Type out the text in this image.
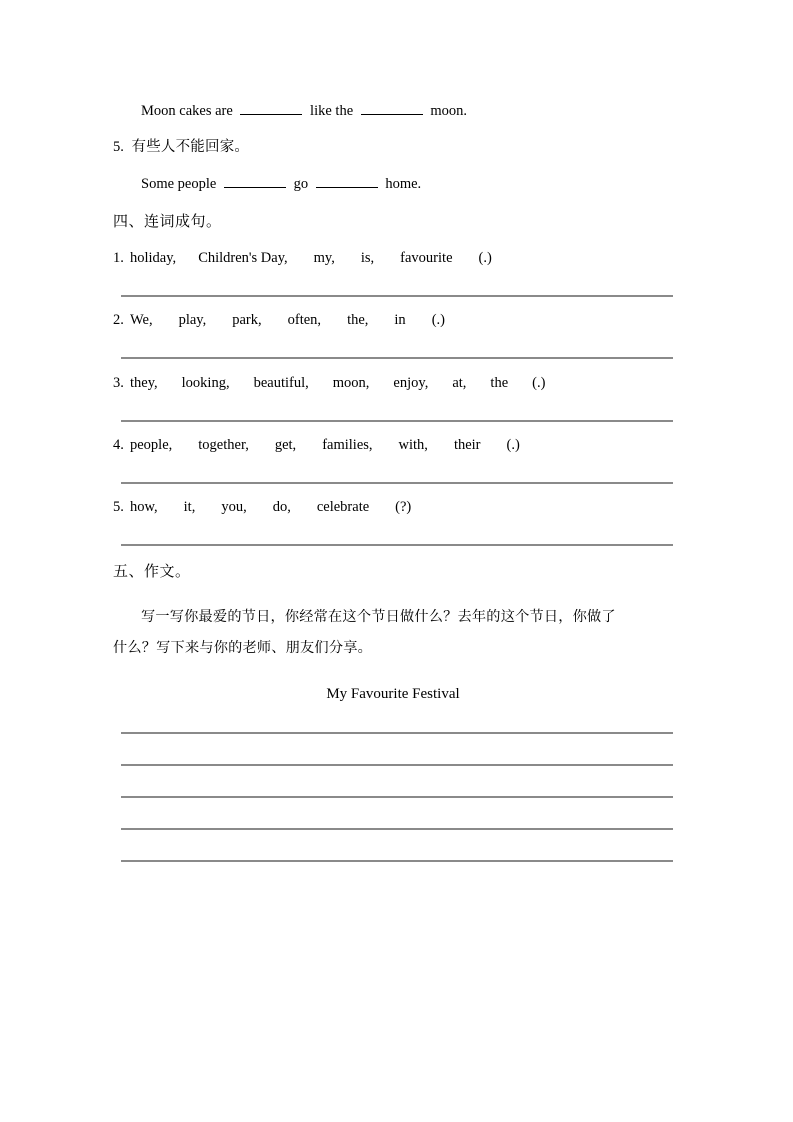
Moon cakes are	like the	moon.
5. 有些人不能回家。
Some people	go	home.
四、连词成句。
1. holiday, Children's Day, my, is, favourite (.)
2. We, play, park, often, the, in (.)
3. they, looking, beautiful, moon, enjoy, at, the (.)
4. people, together, get, families, with, their (.)
5. how, it, you, do, celebrate (?)
五、作文。
写一写你最爱的节日，你经常在这个节日做什么？去年的这个节日，你做了
什么？写下来与你的老师、朋友们分享。
My Favourite Festival
